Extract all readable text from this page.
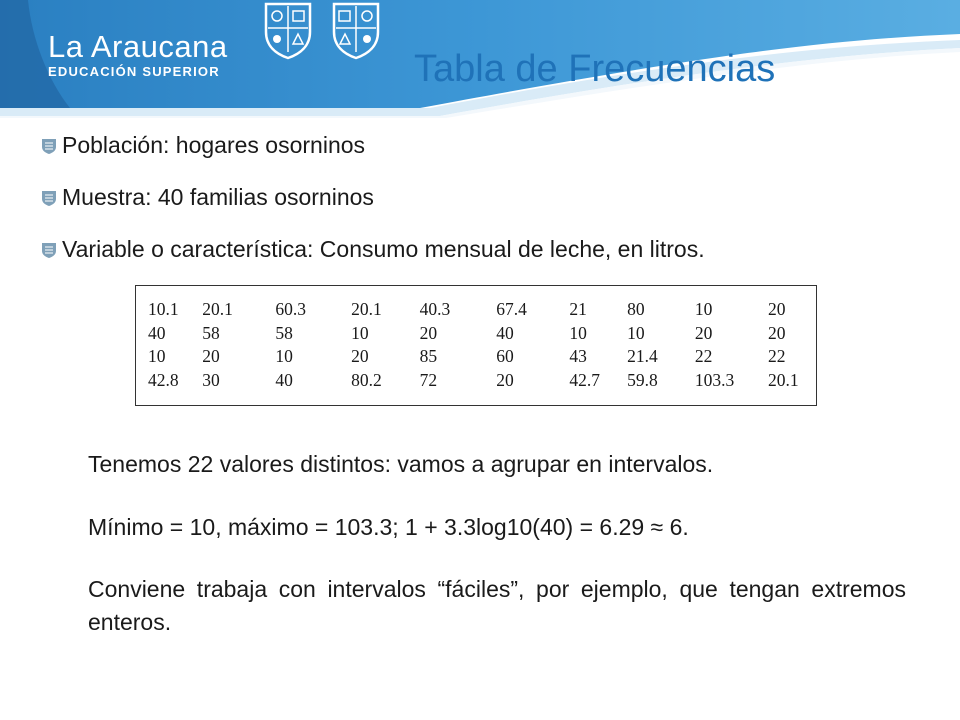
La Araucana
EDUCACIÓN SUPERIOR	Tabla de Frecuencias
Población: hogares osorninos
Muestra: 40 familias osorninos
Variable o característica: Consumo mensual de leche, en litros.
10.1	20.1	60.3	20.1	40.3	67.4	21	80	10	20
40	58	58	10	20	40	10	10	20	20
10	20	10	20	85	60	43	21.4	22	22
42.8	30	40	80.2	72	20	42.7	59.8	103.3	20.1
Tenemos 22 valores distintos: vamos a agrupar en intervalos.
Mínimo = 10, máximo = 103.3; 1 + 3.3log10(40) = 6.29 ≈ 6.
Conviene trabaja con intervalos “fáciles”, por ejemplo, que tengan extremos enteros.
